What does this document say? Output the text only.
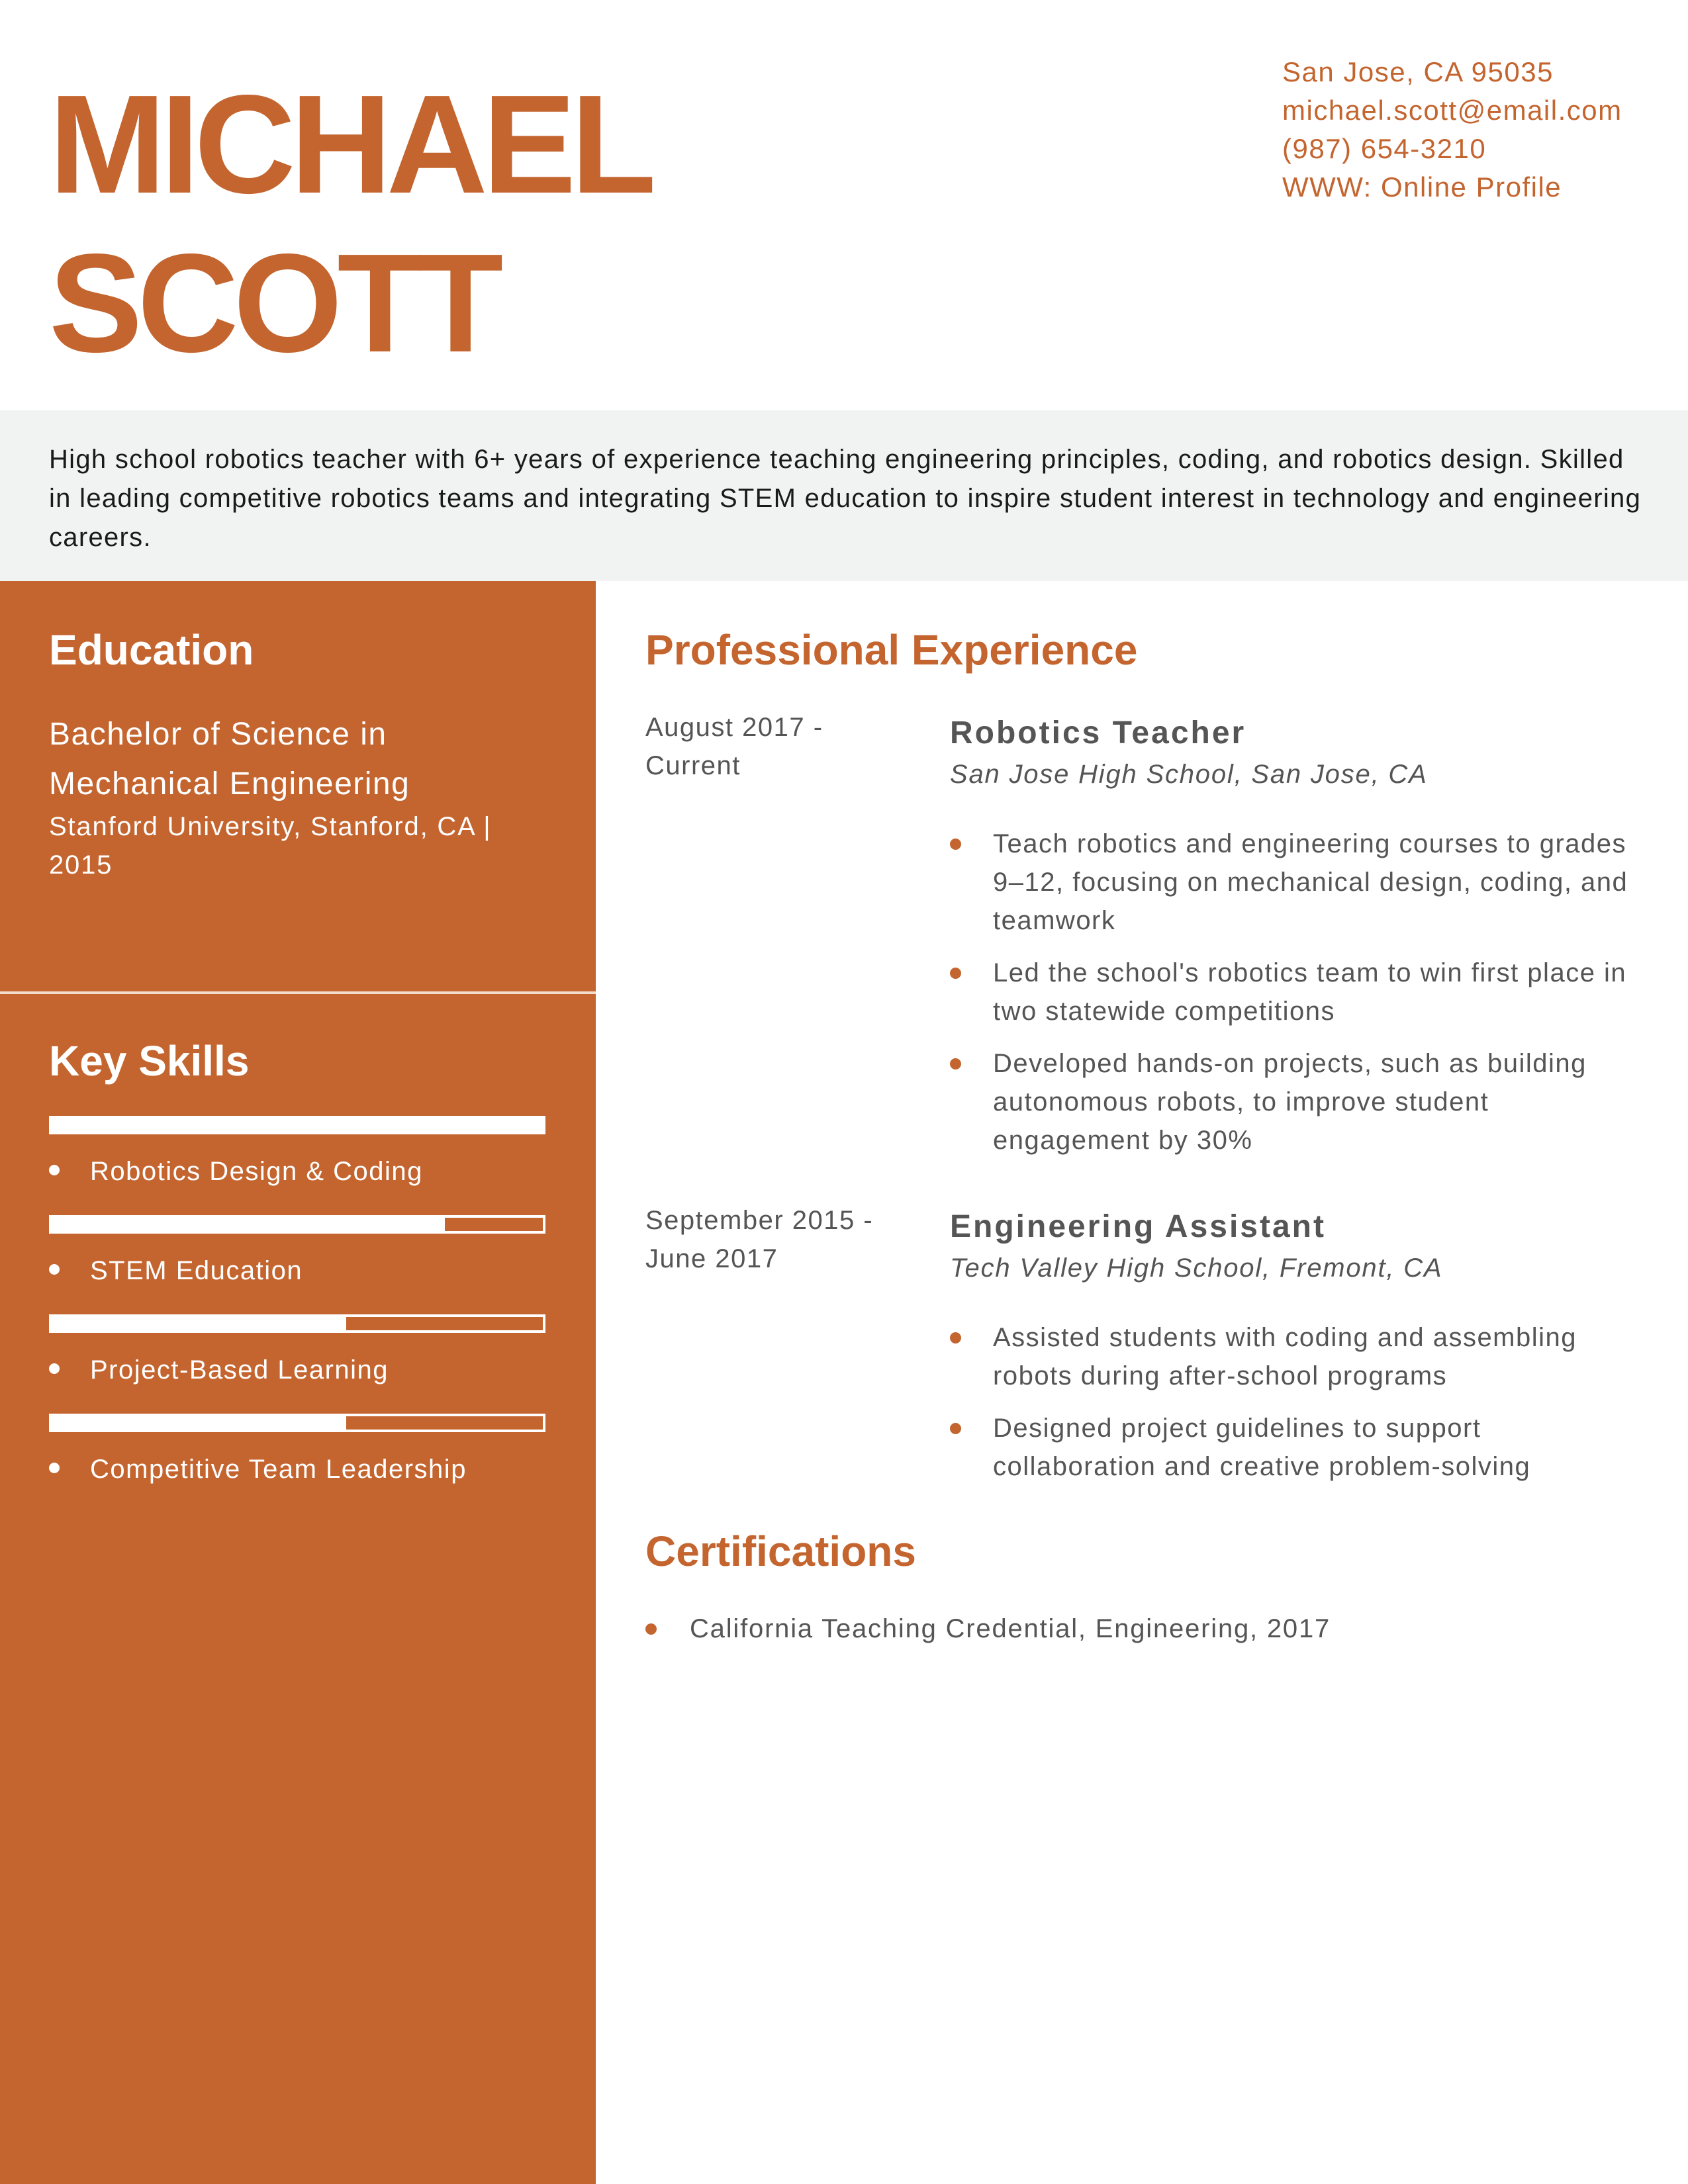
MICHAEL
SCOTT
San Jose, CA 95035
michael.scott@email.com
(987) 654-3210
WWW: Online Profile

High school robotics teacher with 6+ years of experience teaching engineering principles, coding, and robotics design. Skilled in leading competitive robotics teams and integrating STEM education to inspire student interest in technology and engineering careers.

Education
Bachelor of Science in Mechanical Engineering
Stanford University, Stanford, CA | 2015
Key Skills
Robotics Design & Coding
STEM Education
Project-Based Learning
Competitive Team Leadership
Professional Experience
August 2017 - Current
Robotics Teacher
San Jose High School, San Jose, CA
Teach robotics and engineering courses to grades 9–12, focusing on mechanical design, coding, and teamwork
Led the school's robotics team to win first place in two statewide competitions
Developed hands-on projects, such as building autonomous robots, to improve student engagement by 30%
September 2015 - June 2017
Engineering Assistant
Tech Valley High School, Fremont, CA
Assisted students with coding and assembling robots during after-school programs
Designed project guidelines to support collaboration and creative problem-solving
Certifications
California Teaching Credential, Engineering, 2017
